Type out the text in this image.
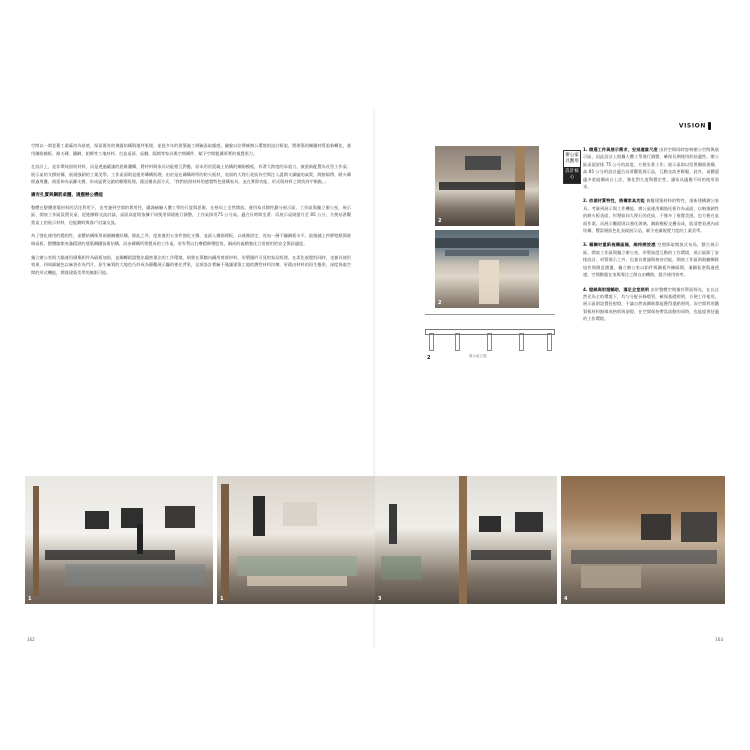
空間以一間老舊工業廠房為基底，保留既有的裸露結構與地坪肌理，並從多年的建築施工經驗汲取靈感，融脫以往傳統辦公環境的設計框架，將建築的關鍵材質重新轉化，運用鋼筋模板、耐火磚、鐵網、鋁擠等工地材料，打造桌面、桌腳、隔間等家具與空間構件，賦予空間粗獷厚實的視覺張力。

在設計上，並非單純固收材料，而是透過嚴謹的思維邏輯，將材料與家具功能相互對應，原本用於混凝土結構的鋼筋模板，有著大跨度的承重力，被重新配置為長型工作桌；展示桌的支撐結構，展現強韌的工業美學。工作桌面則是運用磚構肌理，由於是在磚構時所的防火板材，表面的大理石花紋為空間注入溫潤又細膩的氣質，間接隔傳、耐火磚經過堆疊，則延伸為桌腳支撐，形成虛實交錯的雕塑肌理。藉這種表面方式，「我們依照材料的感覺特色建構家具，並在實際功能、形式與材料之間找到平衡點。」

廣有扎實與鋼筋桌體，適應辦公機能

整體在整體建築材料的活化利用下，也考慮到空間的實用性，嚴謹檢驗人體工學的尺度與思維，在格局上全然開放，運用家具類性劃分展示區、工作區與獨立辦公室，展示區、開放工作區設置長桌，促進團隊交流討論，桌面高度則依據不同使用情境進行調整，工作桌採用75 公分高，適合長時間坐著；而展示桌則提升至 85 公分，方便站著觀賞桌上的展示材料，也能隨時與客戶討論交流。

為了強化使用的穩固性，桌體結構採用兩層鋼模結構，除此之外，度座運用五金件強化支撐，並最入鋼筋標板，以補強固定，再加一層不鏽鋼板水平，最後鋪上抄膠壁紙與玻璃桌板，整體縮節充滿精湛的建築鋼鐵技術結構，而由磚構所堆製成的工作桌，更有利以打磨精修塑股角，銅成的義槍強化日常使用的安全與舒適度。

獨立辦公室則大膽運用廢棄鋁件為隔板加固，並鋼轉蹈盟整出隱密專注的工作環境，則營在幕牆內鑲用剪裁材料，形塑隱約可見的家居肌理，在柔化視覺的同時，也兼具使用效果，四周細膩色以麻袋作為門片，原生麻質的大地色巧妙成為靜觀展示廳的裡住背景，這項設計實驗不僅讓建築工地的潛性材料淬煉，更藉由材料的再生應用，深度探索空間的形式機能，實踐建築美學的無限可能。

1	1
162
VISION
2
2
2	展示桌立面
辦公家具應用
設計核心

1. 精選工件與展示需求，安排適當尺度 由於空間同時容納辦公空間與展示區，因此設計上根據人體工學進行調整，確保長期使用的舒適性。辦公區桌面安排 75 公分的高度，方便坐著工作；展示桌則以堅實鋼筋建構，高 85 公分的設計適合站著觀賞展示品，互動交流更輕鬆，此外，桌體還適多重組構成台上法，強化對久度與穩定性，讓家具適應不同的使用需求。

2. 依循材質特性，搭構家具功能 摘應建築材料的特性，重新建構辦公家具。考量到展示與工作機能，辦公桌運用鋼筋托板作為桌面，以較強韌性的耐火板表面，形塑如同大理石的花紋，不僅多了視覺美感，也方便在桌面作業。而展示櫃面則以強化玻璃，鋼筋模板交疊而成，能清楚看透內部結構，豐富層級色化表現展示品，賦予充滿視覺力度的工業美學。

3. 藉鋼材重新梳構區隔，維持開放感 空間採取開放式布局，整合展示區、開放工作區與獨立辦公室，形塑高度互動的工作環境，展示區除了安排設計、材質展示之外，也兼具會議與接待功能，開放工作區則鼓勵團隊協作與創意激盪，獨立辦公室以鋁件與鋼板外擴隔間，兼顧私密與通透感，空間動態在家與專注之間自由轉換，提升使用效率。

4. 燈線與射燈輔助，滿足全室照明 由於整體空間僅有單面採光，在以自然光為主的環境下，均勻分配長條燈管，確保基礎照明，方便工作使用。展示區則設置投射燈，不論自然或鋼筋都能獲得重點照明，而空間利用鐵質板材料點綴成格狀吸頂燈，在空間保持帶氛流動的同時，也能提供舒適的工作環境。

3	4
163
